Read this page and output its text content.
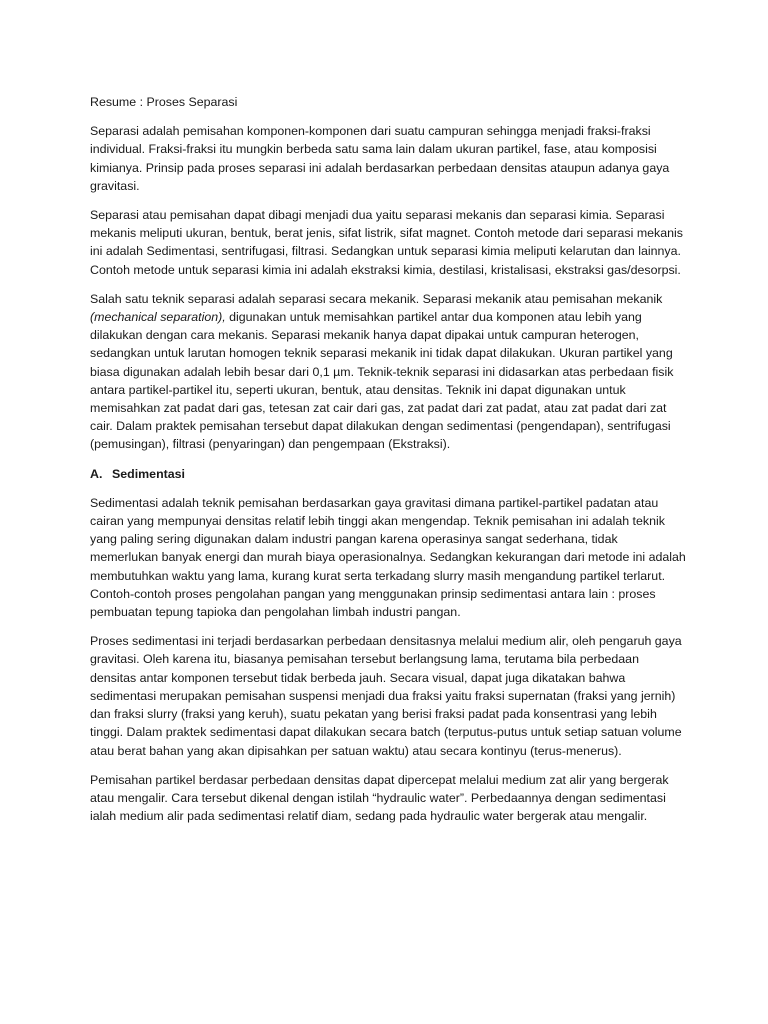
Resume : Proses Separasi

Separasi adalah pemisahan komponen-komponen dari suatu campuran sehingga menjadi fraksi-fraksi individual. Fraksi-fraksi itu mungkin berbeda satu sama lain dalam ukuran partikel, fase, atau komposisi kimianya. Prinsip pada proses separasi ini adalah berdasarkan perbedaan densitas ataupun adanya gaya gravitasi.

Separasi atau pemisahan dapat dibagi menjadi dua yaitu separasi mekanis dan separasi kimia. Separasi mekanis meliputi ukuran, bentuk, berat jenis, sifat listrik, sifat magnet. Contoh metode dari separasi mekanis ini adalah Sedimentasi, sentrifugasi, filtrasi. Sedangkan untuk separasi kimia meliputi kelarutan dan lainnya. Contoh metode untuk separasi kimia ini adalah ekstraksi kimia, destilasi, kristalisasi, ekstraksi gas/desorpsi.

Salah satu teknik separasi adalah separasi secara mekanik. Separasi mekanik atau pemisahan mekanik (mechanical separation), digunakan untuk memisahkan partikel antar dua komponen atau lebih yang dilakukan dengan cara mekanis. Separasi mekanik hanya dapat dipakai untuk campuran heterogen, sedangkan untuk larutan homogen teknik separasi mekanik ini tidak dapat dilakukan. Ukuran partikel yang biasa digunakan adalah lebih besar dari 0,1 µm. Teknik-teknik separasi ini didasarkan atas perbedaan fisik antara partikel-partikel itu, seperti ukuran, bentuk, atau densitas. Teknik ini dapat digunakan untuk memisahkan zat padat dari gas, tetesan zat cair dari gas, zat padat dari zat padat, atau zat padat dari zat cair. Dalam praktek pemisahan tersebut dapat dilakukan dengan sedimentasi (pengendapan), sentrifugasi (pemusingan), filtrasi (penyaringan) dan pengempaan (Ekstraksi).

A. Sedimentasi

Sedimentasi adalah teknik pemisahan berdasarkan gaya gravitasi dimana partikel-partikel padatan atau cairan yang mempunyai densitas relatif lebih tinggi akan mengendap. Teknik pemisahan ini adalah teknik yang paling sering digunakan dalam industri pangan karena operasinya sangat sederhana, tidak memerlukan banyak energi dan murah biaya operasionalnya. Sedangkan kekurangan dari metode ini adalah membutuhkan waktu yang lama, kurang kurat serta terkadang slurry masih mengandung partikel terlarut. Contoh-contoh proses pengolahan pangan yang menggunakan prinsip sedimentasi antara lain : proses pembuatan tepung tapioka dan pengolahan limbah industri pangan.

Proses sedimentasi ini terjadi berdasarkan perbedaan densitasnya melalui medium alir, oleh pengaruh gaya gravitasi. Oleh karena itu, biasanya pemisahan tersebut berlangsung lama, terutama bila perbedaan densitas antar komponen tersebut tidak berbeda jauh. Secara visual, dapat juga dikatakan bahwa sedimentasi merupakan pemisahan suspensi menjadi dua fraksi yaitu fraksi supernatan (fraksi yang jernih) dan fraksi slurry (fraksi yang keruh), suatu pekatan yang berisi fraksi padat pada konsentrasi yang lebih tinggi. Dalam praktek sedimentasi dapat dilakukan secara batch (terputus-putus untuk setiap satuan volume atau berat bahan yang akan dipisahkan per satuan waktu) atau secara kontinyu (terus-menerus).

Pemisahan partikel berdasar perbedaan densitas dapat dipercepat melalui medium zat alir yang bergerak atau mengalir. Cara tersebut dikenal dengan istilah “hydraulic water”. Perbedaannya dengan sedimentasi ialah medium alir pada sedimentasi relatif diam, sedang pada hydraulic water bergerak atau mengalir.
